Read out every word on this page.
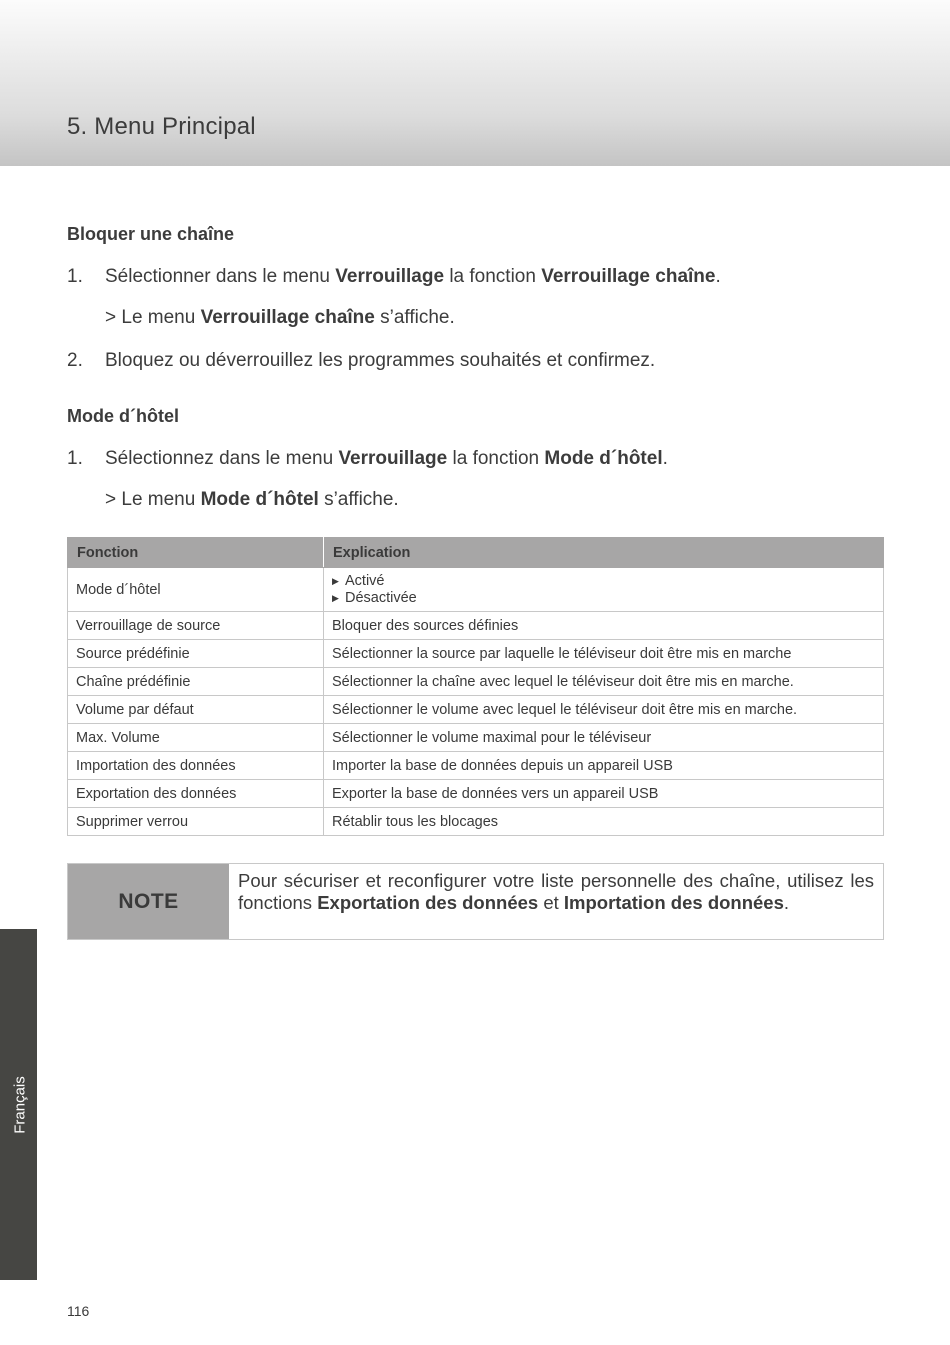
5. Menu Principal
Bloquer une chaîne
1. Sélectionner dans le menu Verrouillage la fonction Verrouillage chaîne.
> Le menu Verrouillage chaîne s’affiche.
2. Bloquez ou déverrouillez les programmes souhaités et confirmez.
Mode d´hôtel
1. Sélectionnez dans le menu Verrouillage la fonction Mode d´hôtel.
> Le menu Mode d´hôtel s’affiche.
Fonction	Explication
Mode d´hôtel	▶ Activé
▶ Désactivée

Verrouillage de source	Bloquer des sources définies
Source prédéfinie	Sélectionner la source par laquelle le téléviseur doit être mis en marche
Chaîne prédéfinie	Sélectionner la chaîne avec lequel le téléviseur doit être mis en marche.
Volume par défaut	Sélectionner le volume avec lequel le téléviseur doit être mis en marche.
Max. Volume	Sélectionner le volume maximal pour le téléviseur
Importation des données	Importer la base de données depuis un appareil USB
Exportation des données	Exporter la base de données vers un appareil USB
Supprimer verrou	Rétablir tous les blocages
NOTE
Pour sécuriser et reconfigurer votre liste personnelle des chaîne, utilisez les fonctions Exportation des données et Importation des données.
Français
116
